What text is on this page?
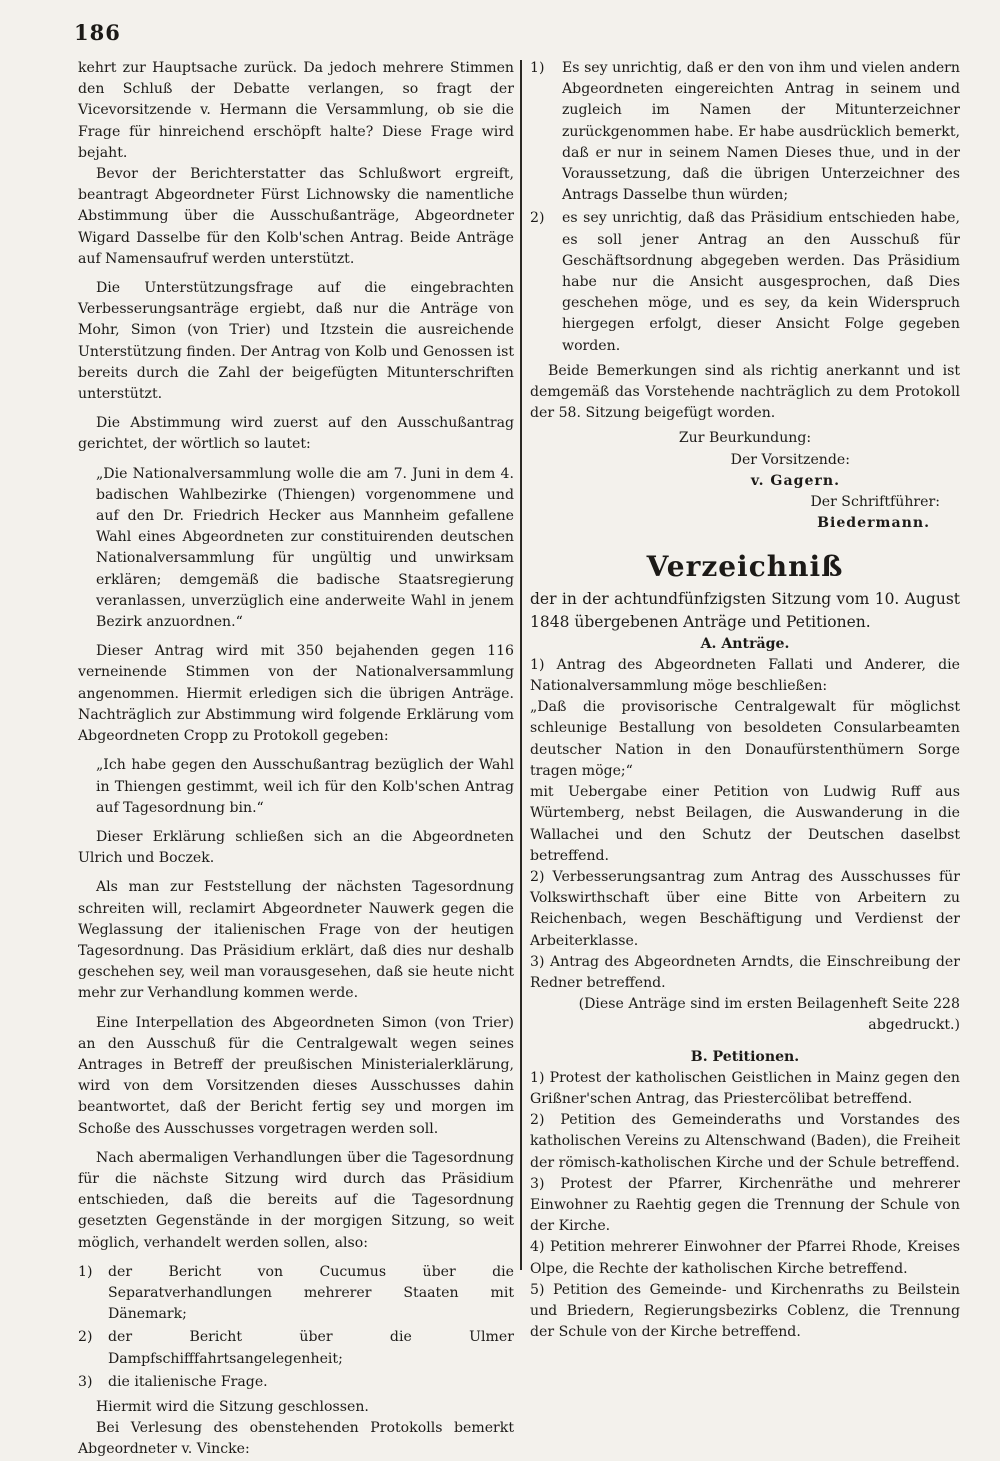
186

kehrt zur Hauptsache zurück. Da jedoch mehrere Stimmen den Schluß der Debatte verlangen, so fragt der Vicevorsitzende v. Hermann die Versammlung, ob sie die Frage für hinreichend erschöpft halte? Diese Frage wird bejaht.

Bevor der Berichterstatter das Schlußwort ergreift, beantragt Abgeordneter Fürst Lichnowsky die namentliche Abstimmung über die Ausschußanträge, Abgeordneter Wigard Dasselbe für den Kolb'schen Antrag. Beide Anträge auf Namensaufruf werden unterstützt.

Die Unterstützungsfrage auf die eingebrachten Verbesserungsanträge ergiebt, daß nur die Anträge von Mohr, Simon (von Trier) und Itzstein die ausreichende Unterstützung finden. Der Antrag von Kolb und Genossen ist bereits durch die Zahl der beigefügten Mitunterschriften unterstützt.

Die Abstimmung wird zuerst auf den Ausschußantrag gerichtet, der wörtlich so lautet:

„Die Nationalversammlung wolle die am 7. Juni in dem 4. badischen Wahlbezirke (Thiengen) vorgenommene und auf den Dr. Friedrich Hecker aus Mannheim gefallene Wahl eines Abgeordneten zur constituirenden deutschen Nationalversammlung für ungültig und unwirksam erklären; demgemäß die badische Staatsregierung veranlassen, unverzüglich eine anderweite Wahl in jenem Bezirk anzuordnen.“

Dieser Antrag wird mit 350 bejahenden gegen 116 verneinende Stimmen von der Nationalversammlung angenommen. Hiermit erledigen sich die übrigen Anträge. Nachträglich zur Abstimmung wird folgende Erklärung vom Abgeordneten Cropp zu Protokoll gegeben:

„Ich habe gegen den Ausschußantrag bezüglich der Wahl in Thiengen gestimmt, weil ich für den Kolb'schen Antrag auf Tagesordnung bin.“

Dieser Erklärung schließen sich an die Abgeordneten Ulrich und Boczek.

Als man zur Feststellung der nächsten Tagesordnung schreiten will, reclamirt Abgeordneter Nauwerk gegen die Weglassung der italienischen Frage von der heutigen Tagesordnung. Das Präsidium erklärt, daß dies nur deshalb geschehen sey, weil man vorausgesehen, daß sie heute nicht mehr zur Verhandlung kommen werde.

Eine Interpellation des Abgeordneten Simon (von Trier) an den Ausschuß für die Centralgewalt wegen seines Antrages in Betreff der preußischen Ministerialerklärung, wird von dem Vorsitzenden dieses Ausschusses dahin beantwortet, daß der Bericht fertig sey und morgen im Schoße des Ausschusses vorgetragen werden soll.

Nach abermaligen Verhandlungen über die Tagesordnung für die nächste Sitzung wird durch das Präsidium entschieden, daß die bereits auf die Tagesordnung gesetzten Gegenstände in der morgigen Sitzung, so weit möglich, verhandelt werden sollen, also:

1) der Bericht von Cucumus über die Separatverhandlungen mehrerer Staaten mit Dänemark;
2) der Bericht über die Ulmer Dampfschifffahrtsangelegenheit;
3) die italienische Frage.

Hiermit wird die Sitzung geschlossen.

Bei Verlesung des obenstehenden Protokolls bemerkt Abgeordneter v. Vincke:

1) Es sey unrichtig, daß er den von ihm und vielen andern Abgeordneten eingereichten Antrag in seinem und zugleich im Namen der Mitunterzeichner zurückgenommen habe. Er habe ausdrücklich bemerkt, daß er nur in seinem Namen Dieses thue, und in der Voraussetzung, daß die übrigen Unterzeichner des Antrags Dasselbe thun würden;
2) es sey unrichtig, daß das Präsidium entschieden habe, es soll jener Antrag an den Ausschuß für Geschäftsordnung abgegeben werden. Das Präsidium habe nur die Ansicht ausgesprochen, daß Dies geschehen möge, und es sey, da kein Widerspruch hiergegen erfolgt, dieser Ansicht Folge gegeben worden.

Beide Bemerkungen sind als richtig anerkannt und ist demgemäß das Vorstehende nachträglich zu dem Protokoll der 58. Sitzung beigefügt worden.

Zur Beurkundung:

Der Vorsitzende:

v. Gagern.

Der Schriftführer:

Biedermann.

Verzeichniß

der in der achtundfünfzigsten Sitzung vom 10. August 1848 übergebenen Anträge und Petitionen.

A. Anträge.

1) Antrag des Abgeordneten Fallati und Anderer, die Nationalversammlung möge beschließen:

„Daß die provisorische Centralgewalt für möglichst schleunige Bestallung von besoldeten Consularbeamten deutscher Nation in den Donaufürstenthümern Sorge tragen möge;“

mit Uebergabe einer Petition von Ludwig Ruff aus Würtemberg, nebst Beilagen, die Auswanderung in die Wallachei und den Schutz der Deutschen daselbst betreffend.

2) Verbesserungsantrag zum Antrag des Ausschusses für Volkswirthschaft über eine Bitte von Arbeitern zu Reichenbach, wegen Beschäftigung und Verdienst der Arbeiterklasse.

3) Antrag des Abgeordneten Arndts, die Einschreibung der Redner betreffend.

(Diese Anträge sind im ersten Beilagenheft Seite 228 abgedruckt.)

B. Petitionen.

1) Protest der katholischen Geistlichen in Mainz gegen den Grißner'schen Antrag, das Priestercölibat betreffend.

2) Petition des Gemeinderaths und Vorstandes des katholischen Vereins zu Altenschwand (Baden), die Freiheit der römisch-katholischen Kirche und der Schule betreffend.

3) Protest der Pfarrer, Kirchenräthe und mehrerer Einwohner zu Raehtig gegen die Trennung der Schule von der Kirche.

4) Petition mehrerer Einwohner der Pfarrei Rhode, Kreises Olpe, die Rechte der katholischen Kirche betreffend.

5) Petition des Gemeinde- und Kirchenraths zu Beilstein und Briedern, Regierungsbezirks Coblenz, die Trennung der Schule von der Kirche betreffend.
